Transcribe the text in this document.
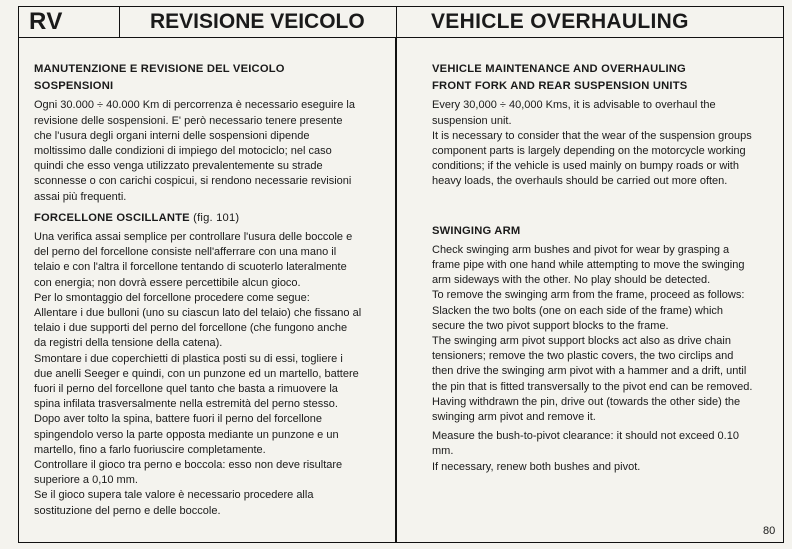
RV	REVISIONE VEICOLO	VEHICLE OVERHAULING
MANUTENZIONE E REVISIONE DEL VEICOLO
SOSPENSIONI

Ogni 30.000 ÷ 40.000 Km di percorrenza è necessario eseguire la revisione delle sospensioni. E' però necessario tenere presente che l'usura degli organi interni delle sospensioni dipende moltissimo dalle condizioni di impiego del motociclo; nel caso quindi che esso venga utilizzato prevalentemente su strade sconnesse o con carichi cospicui, si rendono necessarie revisioni assai più frequenti.

FORCELLONE OSCILLANTE (fig. 101)

Una verifica assai semplice per controllare l'usura delle boccole e del perno del forcellone consiste nell'afferrare con una mano il telaio e con l'altra il forcellone tentando di scuoterlo lateralmente con energia; non dovrà essere percettibile alcun gioco.

Per lo smontaggio del forcellone procedere come segue:

Allentare i due bulloni (uno su ciascun lato del telaio) che fissano al telaio i due supporti del perno del forcellone (che fungono anche da registri della tensione della catena).

Smontare i due coperchietti di plastica posti su di essi, togliere i due anelli Seeger e quindi, con un punzone ed un martello, battere fuori il perno del forcellone quel tanto che basta a rimuovere la spina infilata trasversalmente nella estremità del perno stesso.

Dopo aver tolto la spina, battere fuori il perno del forcellone spingendolo verso la parte opposta mediante un punzone e un martello, fino a farlo fuoriuscire completamente.

Controllare il gioco tra perno e boccola: esso non deve risultare superiore a 0,10 mm.

Se il gioco supera tale valore è necessario procedere alla sostituzione del perno e delle boccole.

VEHICLE MAINTENANCE AND OVERHAULING
FRONT FORK AND REAR SUSPENSION UNITS

Every 30,000 ÷ 40,000 Kms, it is advisable to overhaul the suspension unit.

It is necessary to consider that the wear of the suspension groups component parts is largely depending on the motorcycle working conditions; if the vehicle is used mainly on bumpy roads or with heavy loads, the overhauls should be carried out more often.

SWINGING ARM

Check swinging arm bushes and pivot for wear by grasping a frame pipe with one hand while attempting to move the swinging arm sideways with the other. No play should be detected.

To remove the swinging arm from the frame, proceed as follows:

Slacken the two bolts (one on each side of the frame) which secure the two pivot support blocks to the frame.

The swinging arm pivot support blocks act also as drive chain tensioners; remove the two plastic covers, the two circlips and then drive the swinging arm pivot with a hammer and a drift, until the pin that is fitted transversally to the pivot end can be removed.

Having withdrawn the pin, drive out (towards the other side) the swinging arm pivot and remove it.

Measure the bush-to-pivot clearance: it should not exceed 0.10 mm.

If necessary, renew both bushes and pivot.

80
